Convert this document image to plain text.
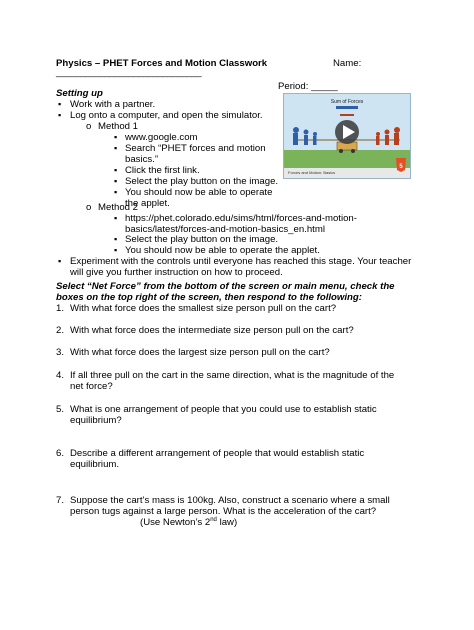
Physics – PHET Forces and Motion Classwork	Name:
______________________________
Period: _____
Setting up
▪ Work with a partner.
▪ Log onto a computer, and open the simulator.
o Method 1
▪ www.google.com
▪ Search “PHET forces and motion
basics.”
▪ Click the first link.
▪ Select the play button on the image.
▪ You should now be able to operate
the applet.
o Method 2
▪ https://phet.colorado.edu/sims/html/forces-and-motion-
basics/latest/forces-and-motion-basics_en.html
▪ Select the play button on the image.
▪ You should now be able to operate the applet.
▪ Experiment with the controls until everyone has reached this stage. Your teacher
will give you further instruction on how to proceed.
Sum of Forces
Forces and Motion: Basics
5
Select “Net Force” from the bottom of the screen or main menu, check the
boxes on the top right of the screen, then respond to the following:
1. With what force does the smallest size person pull on the cart?
2. With what force does the intermediate size person pull on the cart?
3. With what force does the largest size person pull on the cart?
4. If all three pull on the cart in the same direction, what is the magnitude of the
net force?
5. What is one arrangement of people that you could use to establish static
equilibrium?
6. Describe a different arrangement of people that would establish static
equilibrium.
7. Suppose the cart’s mass is 100kg. Also, construct a scenario where a small
person tugs against a large person. What is the acceleration of the cart?
(Use Newton’s 2nd law)
